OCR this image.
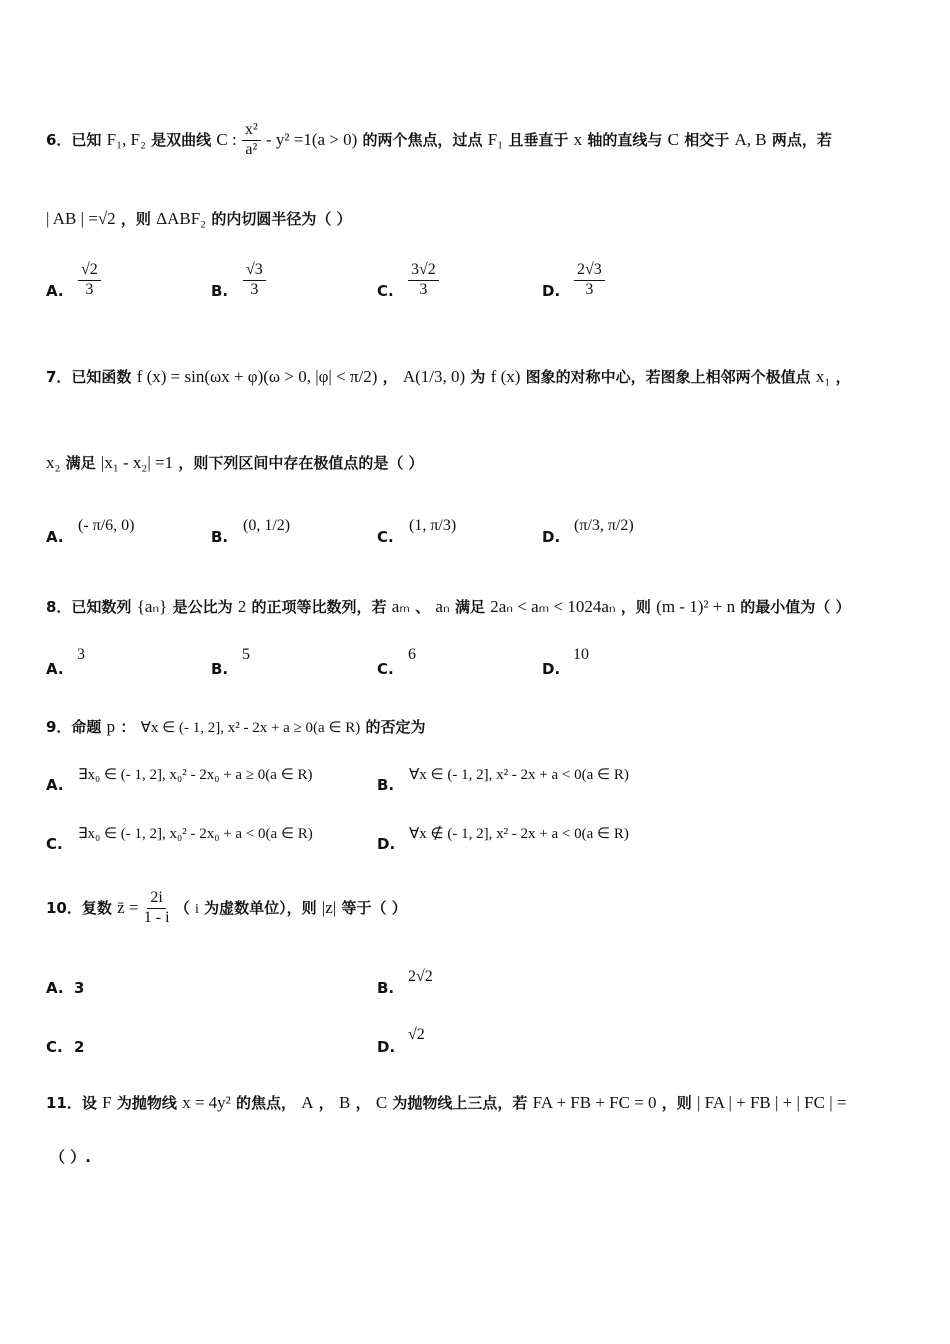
6．已知 F₁, F₂ 是双曲线 C : $\frac{\text{x²}}{\text{a²}} - y^2 =1(a > 0)$ 的两个焦点，过点 F₁ 且垂直于 x 轴的直线与 C 相交于 A, B 两点，若
| AB | =√2 ，则 ΔABF₂ 的内切圆半径为（ ）
A. $\frac{√2}{3}$	B. $\frac{√3}{3}$	C. $\frac{3√2}{3}$	D. $\frac{2√3}{3}$
7．已知函数 f (x) = sin(ωx + φ)(ω > 0, |φ| < π/2) ， A(1/3, 0) 为 f (x) 图象的对称中心，若图象上相邻两个极值点 x₁ ，
x₂ 满足 |x₁ - x₂| =1 ，则下列区间中存在极值点的是（ ）
A.
(- π/6, 0)
B.
(0, 1/2)
C.
(1, π/3)
D.
(π/3, π/2)
8．已知数列 {aₙ} 是公比为 2 的正项等比数列，若 aₘ 、 aₙ 满足 2aₙ < aₘ < 1024aₙ ，则 (m - 1)² + n 的最小值为（ ）
A.
3
B.
5
C.
6
D.
10
9．命题 p ： ∀x ∈ (- 1, 2], x² - 2x + a ≥ 0(a ∈ R) 的否定为
A.
∃x₀ ∈ (- 1, 2], x₀² - 2x₀ + a ≥ 0(a ∈ R)
B.
∀x ∈ (- 1, 2], x² - 2x + a < 0(a ∈ R)
C.
∃x₀ ∈ (- 1, 2], x₀² - 2x₀ + a < 0(a ∈ R)
D.
∀x ∉ (- 1, 2], x² - 2x + a < 0(a ∈ R)
10．复数 z̄ = $\frac{2i}{1 - i}$ （ i 为虚数单位），则 |z| 等于（ ）
A. 3	B.
2√2
C. 2	D.
√2
11．设 F 为抛物线 x = 4y² 的焦点， A ， B ， C 为抛物线上三点，若 FA + FB + FC = 0 ，则 | FA | + FB | + | FC | =
（ ）.
